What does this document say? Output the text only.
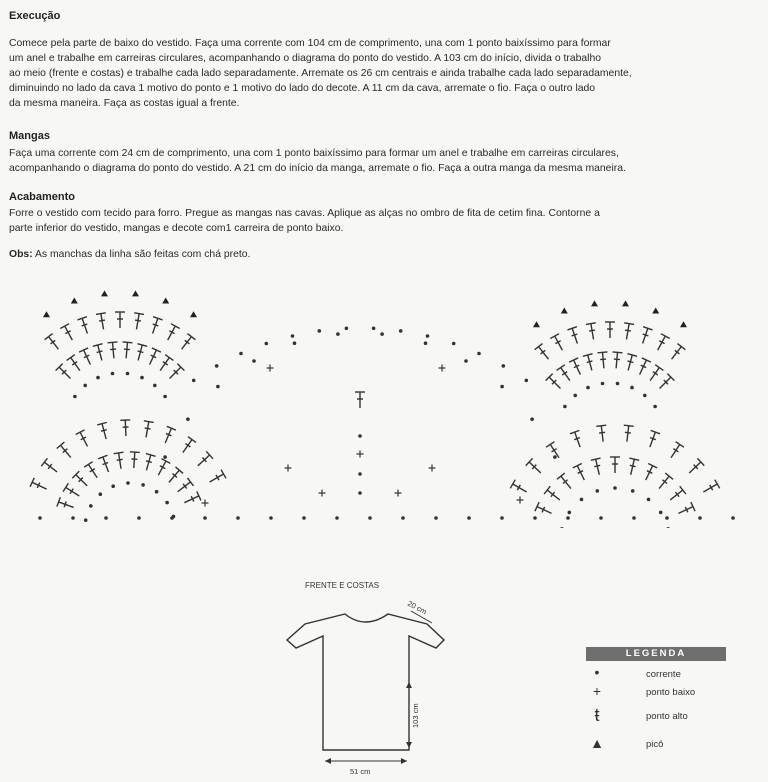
Execução
Comece pela parte de baixo do vestido. Faça uma corrente com 104 cm de comprimento, una com 1 ponto baixíssimo para formar
um anel e trabalhe em carreiras circulares, acompanhando o diagrama do ponto do vestido. A 103 cm do início, divida o trabalho
ao meio (frente e costas) e trabalhe cada lado separadamente. Arremate os 26 cm centrais e ainda trabalhe cada lado separadamente,
diminuindo no lado da cava 1 motivo do ponto e 1 motivo do lado do decote. A 11 cm da cava, arremate o fio. Faça o outro lado
da mesma maneira. Faça as costas igual a frente.
Mangas
Faça uma corrente com 24 cm de comprimento, una com 1 ponto baixíssimo para formar um anel e trabalhe em carreiras circulares,
acompanhando o diagrama do ponto do vestido. A 21 cm do início da manga, arremate o fio. Faça a outra manga da mesma maneira.
Acabamento
Forre o vestido com tecido para forro. Pregue as mangas nas cavas. Aplique as alças no ombro de fita de cetim fina. Contorne a
parte inferior do vestido, mangas e decote com1 carreira de ponto baixo.
Obs: As manchas da linha são feitas com chá preto.
FRENTE E COSTAS
20 cm
103 cm
51 cm
LEGENDA
•	corrente
+	ponto baixo
ŧ	ponto alto
▲	picô
